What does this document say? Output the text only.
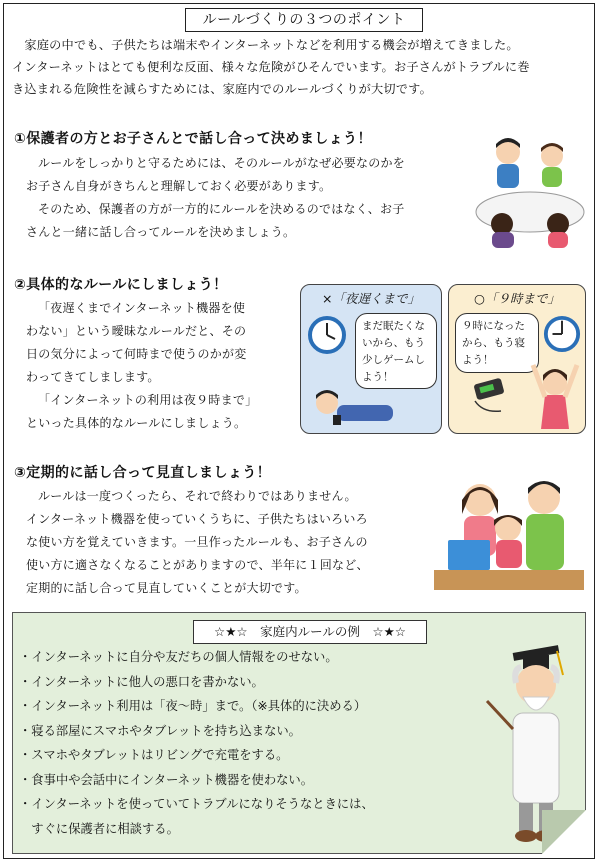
ルールづくりの３つのポイント

　家庭の中でも、子供たちは端末やインターネットなどを利用する機会が増えてきました。

インターネットはとても便利な反面、様々な危険がひそんでいます。お子さんがトラブルに巻

き込まれる危険性を減らすためには、家庭内でのルールづくりが大切です。

①保護者の方とお子さんとで話し合って決めましょう！

ルールをしっかりと守るためには、そのルールがなぜ必要なのかを

お子さん自身がきちんと理解しておく必要があります。

そのため、保護者の方が一方的にルールを決めるのではなく、お子

さんと一緒に話し合ってルールを決めましょう。

②具体的なルールにしましょう！

「夜遅くまでインターネット機器を使

わない」という曖昧なルールだと、その

日の気分によって何時まで使うのかが変

わってきてしまします。

「インターネットの利用は夜９時まで」

といった具体的なルールにしましょう。

×「夜遅くまで」
まだ眠たくな
いから、もう
少しゲームし
よう！
○「９時まで」
９時になった
から、もう寝
よう！
③定期的に話し合って見直しましょう！

ルールは一度つくったら、それで終わりではありません。

インターネット機器を使っていくうちに、子供たちはいろいろ

な使い方を覚えていきます。一旦作ったルールも、お子さんの

使い方に適さなくなることがありますので、半年に１回など、

定期的に話し合って見直していくことが大切です。

☆★☆　家庭内ルールの例　☆★☆
・インターネットに自分や友だちの個人情報をのせない。
・インターネットに他人の悪口を書かない。
・インターネット利用は「夜～時」まで。（※具体的に決める）
・寝る部屋にスマホやタブレットを持ち込まない。
・スマホやタブレットはリビングで充電をする。
・食事中や会話中にインターネット機器を使わない。
・インターネットを使っていてトラブルになりそうなときには、
　すぐに保護者に相談する。
